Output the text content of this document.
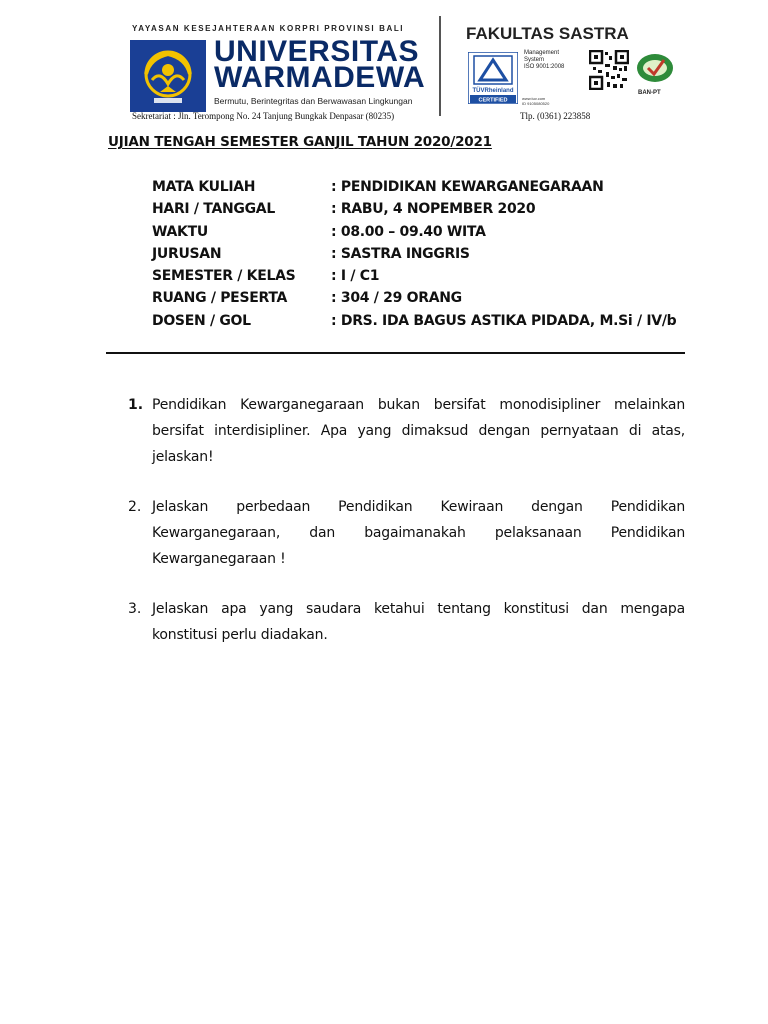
YAYASAN KESEJAHTERAAN KORPRI PROVINSI BALI
UNIVERSITAS
WARMADEWA
Bermutu, Berintegritas dan Berwawasan Lingkungan
Sekretariat : Jln. Terompong No. 24 Tanjung Bungkak Denpasar (80235)
FAKULTAS SASTRA
TÜVRheinland
CERTIFIED
Management
System
ISO 9001:2008
BAN-PT
www.tuv.com
ID 9105080520
Tlp. (0361) 223858
UJIAN TENGAH SEMESTER GANJIL TAHUN 2020/2021
MATA KULIAH	: PENDIDIKAN KEWARGANEGARAAN
HARI / TANGGAL	: RABU, 4 NOPEMBER 2020
WAKTU	: 08.00 – 09.40 WITA
JURUSAN	: SASTRA INGGRIS
SEMESTER / KELAS	: I / C1
RUANG / PESERTA	: 304 / 29 ORANG
DOSEN / GOL	: DRS. IDA BAGUS ASTIKA PIDADA, M.Si / IV/b
1. Pendidikan Kewarganegaraan bukan bersifat monodisipliner melainkan bersifat interdisipliner. Apa yang dimaksud dengan pernyataan di atas, jelaskan!
2. Jelaskan perbedaan Pendidikan Kewiraan dengan Pendidikan Kewarganegaraan, dan bagaimanakah pelaksanaan Pendidikan Kewarganegaraan !
3. Jelaskan apa yang saudara ketahui tentang konstitusi dan mengapa konstitusi perlu diadakan.
